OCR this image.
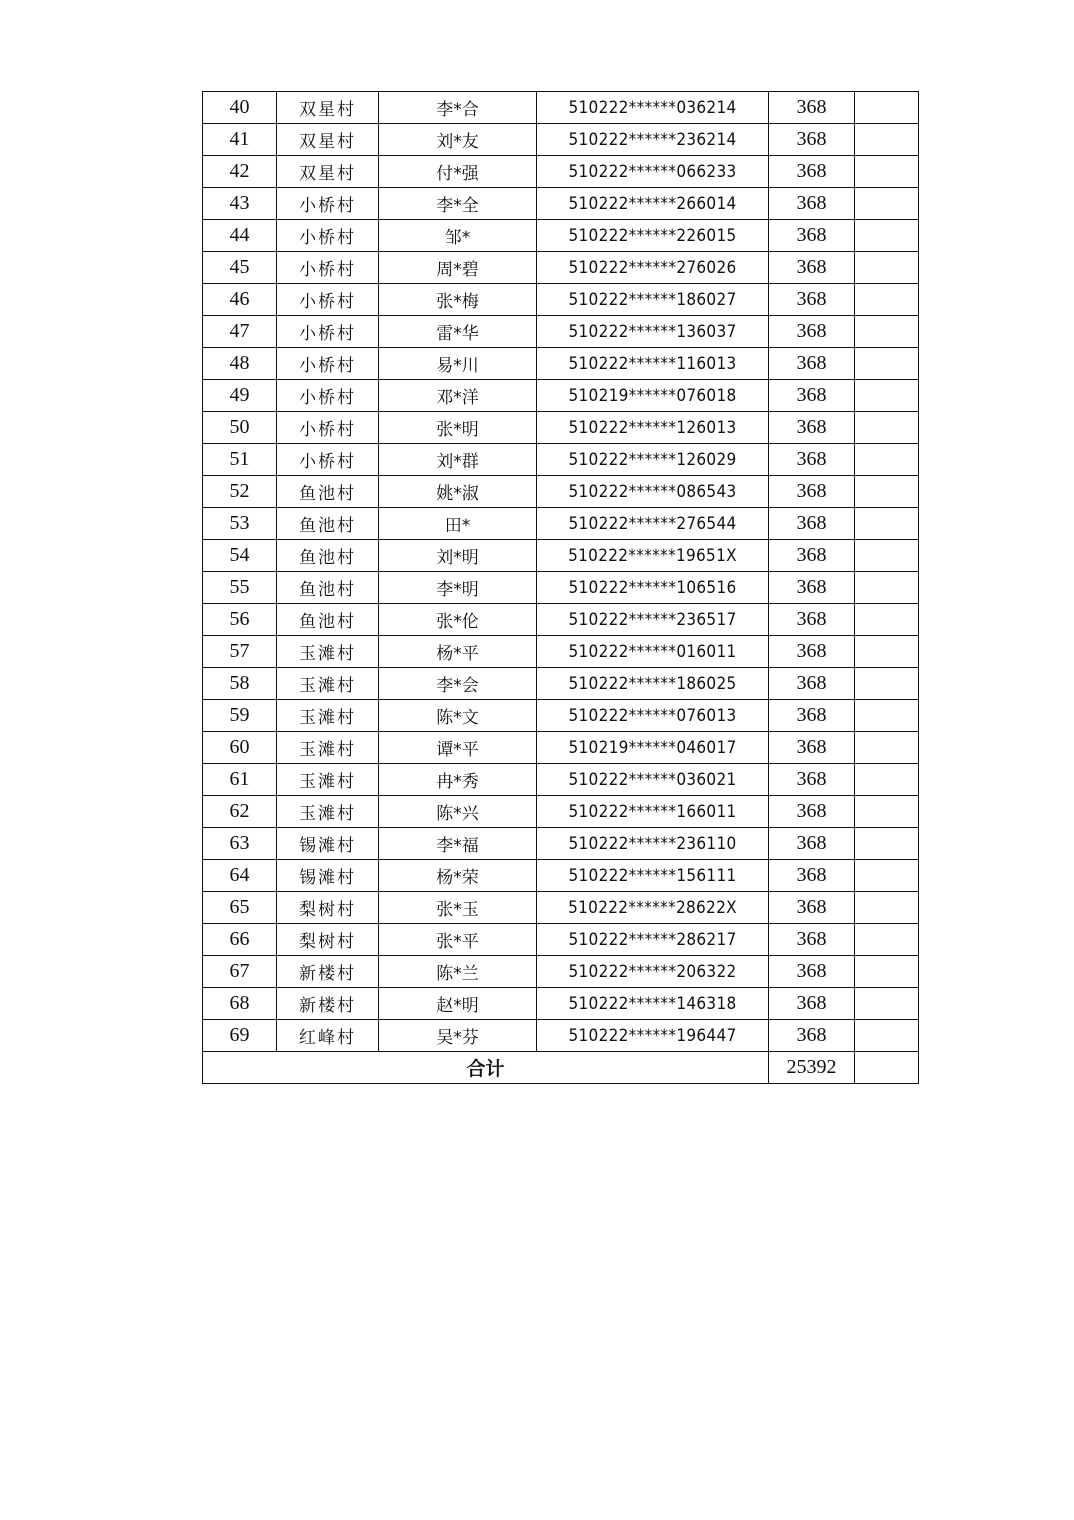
40	双星村	李*合	510222******036214	368	
41	双星村	刘*友	510222******236214	368	
42	双星村	付*强	510222******066233	368	
43	小桥村	李*全	510222******266014	368	
44	小桥村	邹*	510222******226015	368	
45	小桥村	周*碧	510222******276026	368	
46	小桥村	张*梅	510222******186027	368	
47	小桥村	雷*华	510222******136037	368	
48	小桥村	易*川	510222******116013	368	
49	小桥村	邓*洋	510219******076018	368	
50	小桥村	张*明	510222******126013	368	
51	小桥村	刘*群	510222******126029	368	
52	鱼池村	姚*淑	510222******086543	368	
53	鱼池村	田*	510222******276544	368	
54	鱼池村	刘*明	510222******19651X	368	
55	鱼池村	李*明	510222******106516	368	
56	鱼池村	张*伦	510222******236517	368	
57	玉滩村	杨*平	510222******016011	368	
58	玉滩村	李*会	510222******186025	368	
59	玉滩村	陈*文	510222******076013	368	
60	玉滩村	谭*平	510219******046017	368	
61	玉滩村	冉*秀	510222******036021	368	
62	玉滩村	陈*兴	510222******166011	368	
63	锡滩村	李*福	510222******236110	368	
64	锡滩村	杨*荣	510222******156111	368	
65	梨树村	张*玉	510222******28622X	368	
66	梨树村	张*平	510222******286217	368	
67	新楼村	陈*兰	510222******206322	368	
68	新楼村	赵*明	510222******146318	368	
69	红峰村	吴*芬	510222******196447	368	
合计				25392	
